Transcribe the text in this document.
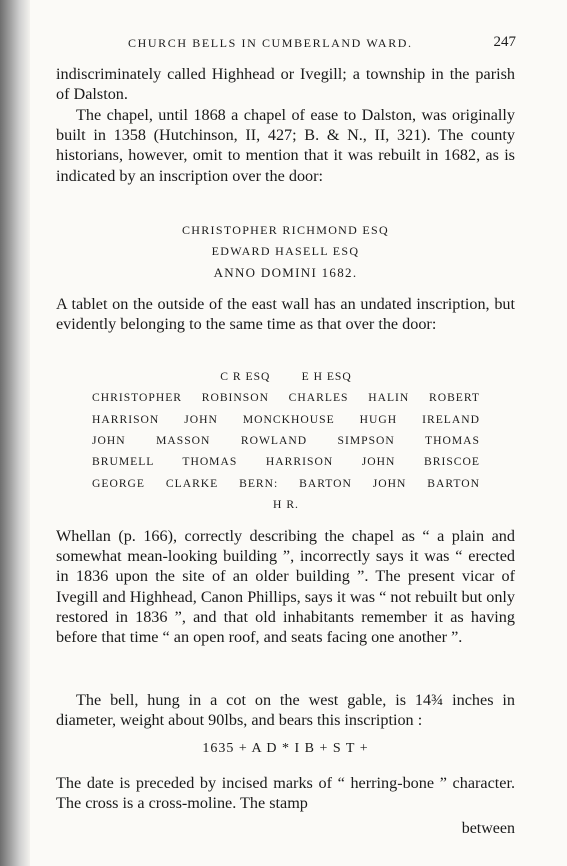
CHURCH BELLS IN CUMBERLAND WARD.	247

indiscriminately called Highhead or Ivegill; a township in the parish of Dalston.

The chapel, until 1868 a chapel of ease to Dalston, was originally built in 1358 (Hutchinson, II, 427; B. & N., II, 321). The county historians, however, omit to mention that it was rebuilt in 1682, as is indicated by an inscription over the door:

CHRISTOPHER RICHMOND ESQ
EDWARD HASELL ESQ
ANNO DOMINI 1682.

A tablet on the outside of the east wall has an undated inscription, but evidently belonging to the same time as that over the door:

C R ESQ        E H ESQ
CHRISTOPHER ROBINSON CHARLES HALIN ROBERT
HARRISON JOHN MONCKHOUSE HUGH IRELAND
JOHN MASSON ROWLAND SIMPSON THOMAS
BRUMELL THOMAS HARRISON JOHN BRISCOE
GEORGE CLARKE BERN: BARTON JOHN BARTON
H R.

Whellan (p. 166), correctly describing the chapel as “ a plain and somewhat mean-looking building ”, incorrectly says it was “ erected in 1836 upon the site of an older building ”. The present vicar of Ivegill and Highhead, Canon Phillips, says it was “ not rebuilt but only restored in 1836 ”, and that old inhabitants remember it as having before that time “ an open roof, and seats facing one another ”.

The bell, hung in a cot on the west gable, is 14¾ inches in diameter, weight about 90lbs, and bears this inscription :

1635 + A D * I B + S T +

The date is preceded by incised marks of “ herring-bone ” character. The cross is a cross-moline. The stamp

between
